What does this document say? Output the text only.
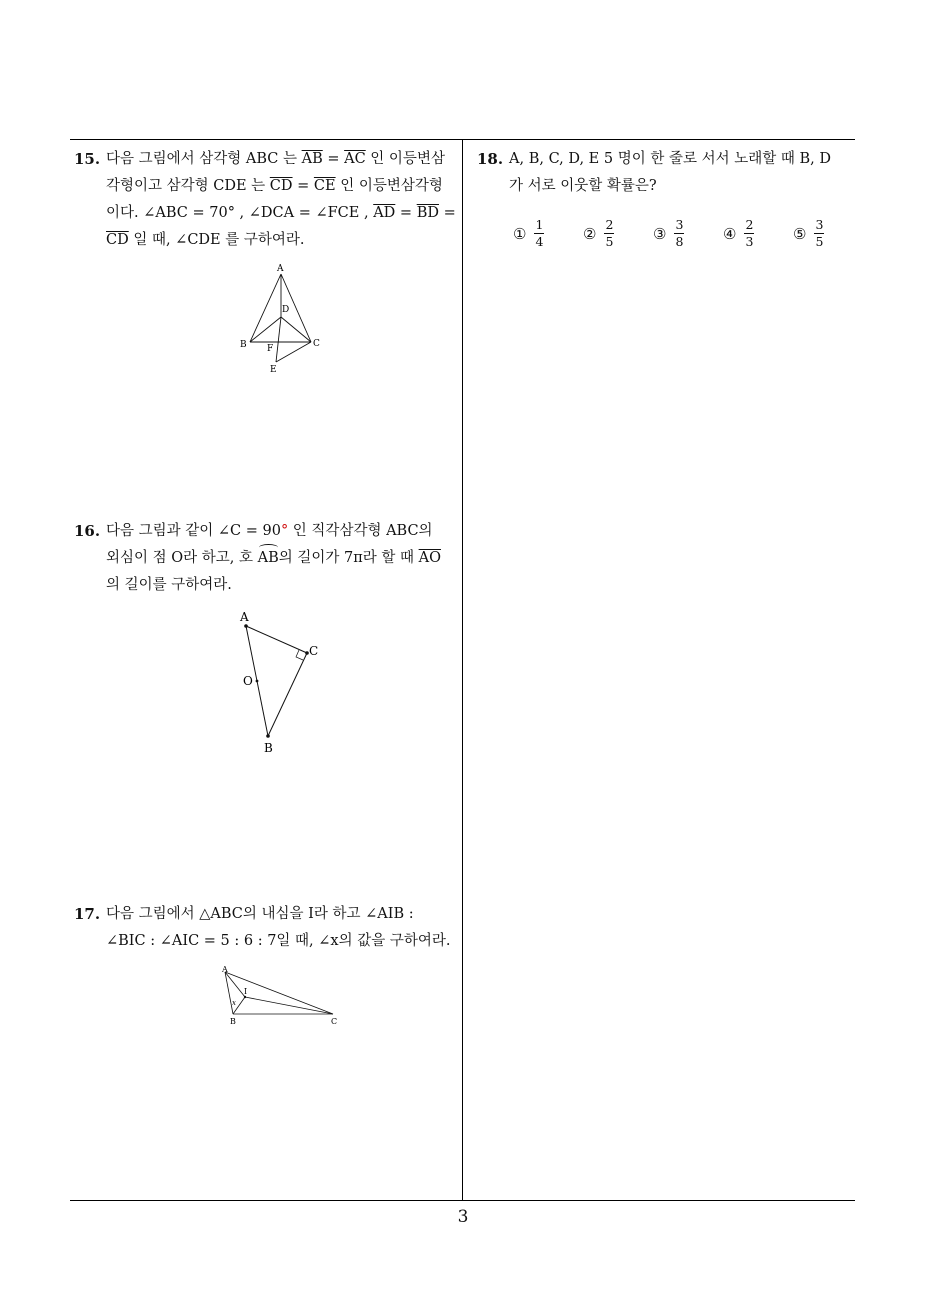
15. 다음 그림에서 삼각형 ABC 는 $\overline{AB} = \overline{AC}$ 인 이등변삼
각형이고 삼각형 CDE 는 $\overline{CD} = \overline{CE}$ 인 이등변삼각형
이다. ∠ABC = 70° , ∠DCA = ∠FCE , $\overline{AD} = \overline{BD}$ =
$\overline{CD}$ 일 때, ∠CDE 를 구하여라.
A
D
B F	C
E
16. 다음 그림과 같이 ∠C = 90° 인 직각삼각형 ABC의
외심이 점 O라 하고, 호 AB의 길이가 7π라 할 때 $\overline{AO}$
의 길이를 구하여라.
A
C
O
B
17. 다음 그림에서 △ABC의 내심을 I라 하고 ∠AIB :
∠BIC : ∠AIC = 5 : 6 : 7일 때, ∠x의 값을 구하여라.
A
I
x
B	C
18. A, B, C, D, E 5 명이 한 줄로 서서 노래할 때 B, D
가 서로 이웃할 확률은?
① $\frac{1}{4}$	② $\frac{2}{5}$	③ $\frac{3}{8}$	④ $\frac{2}{3}$	⑤ $\frac{3}{5}$
3
